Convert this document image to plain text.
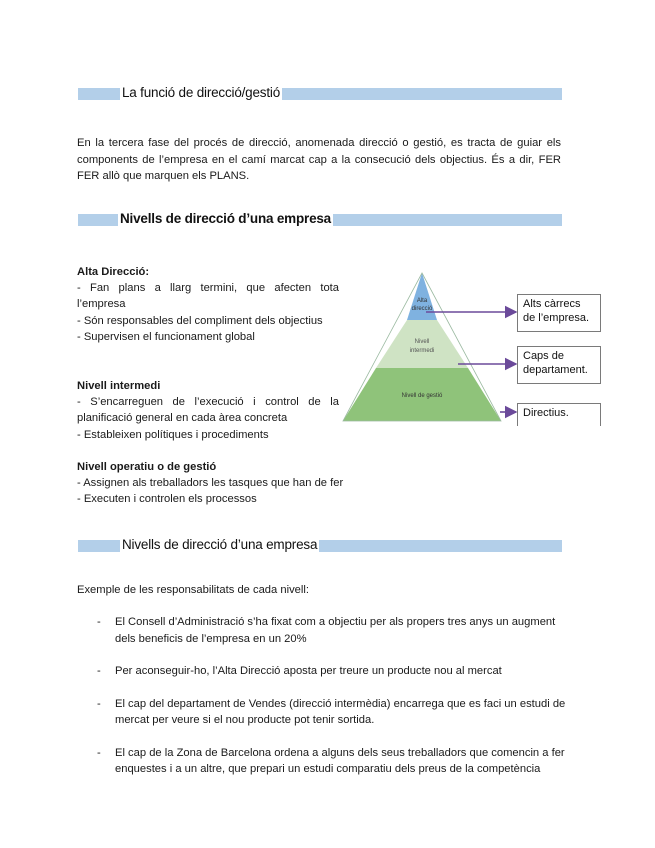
La funció de direcció/gestió
En la tercera fase del procés de direcció, anomenada direcció o gestió, es tracta de guiar els components de l’empresa en el camí marcat cap a la consecució dels objectius. És a dir, FER FER allò que marquen els PLANS.
Nivells de direcció d’una empresa
Alta Direcció:
- Fan plans a llarg termini, que afecten tota l’empresa
- Són responsables del compliment dels objectius
- Supervisen el funcionament global
Nivell intermedi
- S’encarreguen de l’execució i control de la planificació general en cada àrea concreta
- Estableixen polítiques i procediments
Nivell operatiu o de gestió
- Assignen als treballadors les tasques que han de fer
- Executen i controlen els processos
Alta
direcció
Nivell
intermedi
Nivell de gestió
Alts càrrecs
de l’empresa.
Caps de
departament.
Directius.
Nivells de direcció d’una empresa
Exemple de les responsabilitats de cada nivell:
- El Consell d’Administració s’ha fixat com a objectiu per als propers tres anys un augment dels beneficis de l’empresa en un 20%
- Per aconseguir-ho, l’Alta Direcció aposta per treure un producte nou al mercat
- El cap del departament de Vendes (direcció intermèdia) encarrega que es faci un estudi de mercat per veure si el nou producte pot tenir sortida.
- El cap de la Zona de Barcelona ordena a alguns dels seus treballadors que comencin a fer enquestes i a un altre, que prepari un estudi comparatiu dels preus de la competència
